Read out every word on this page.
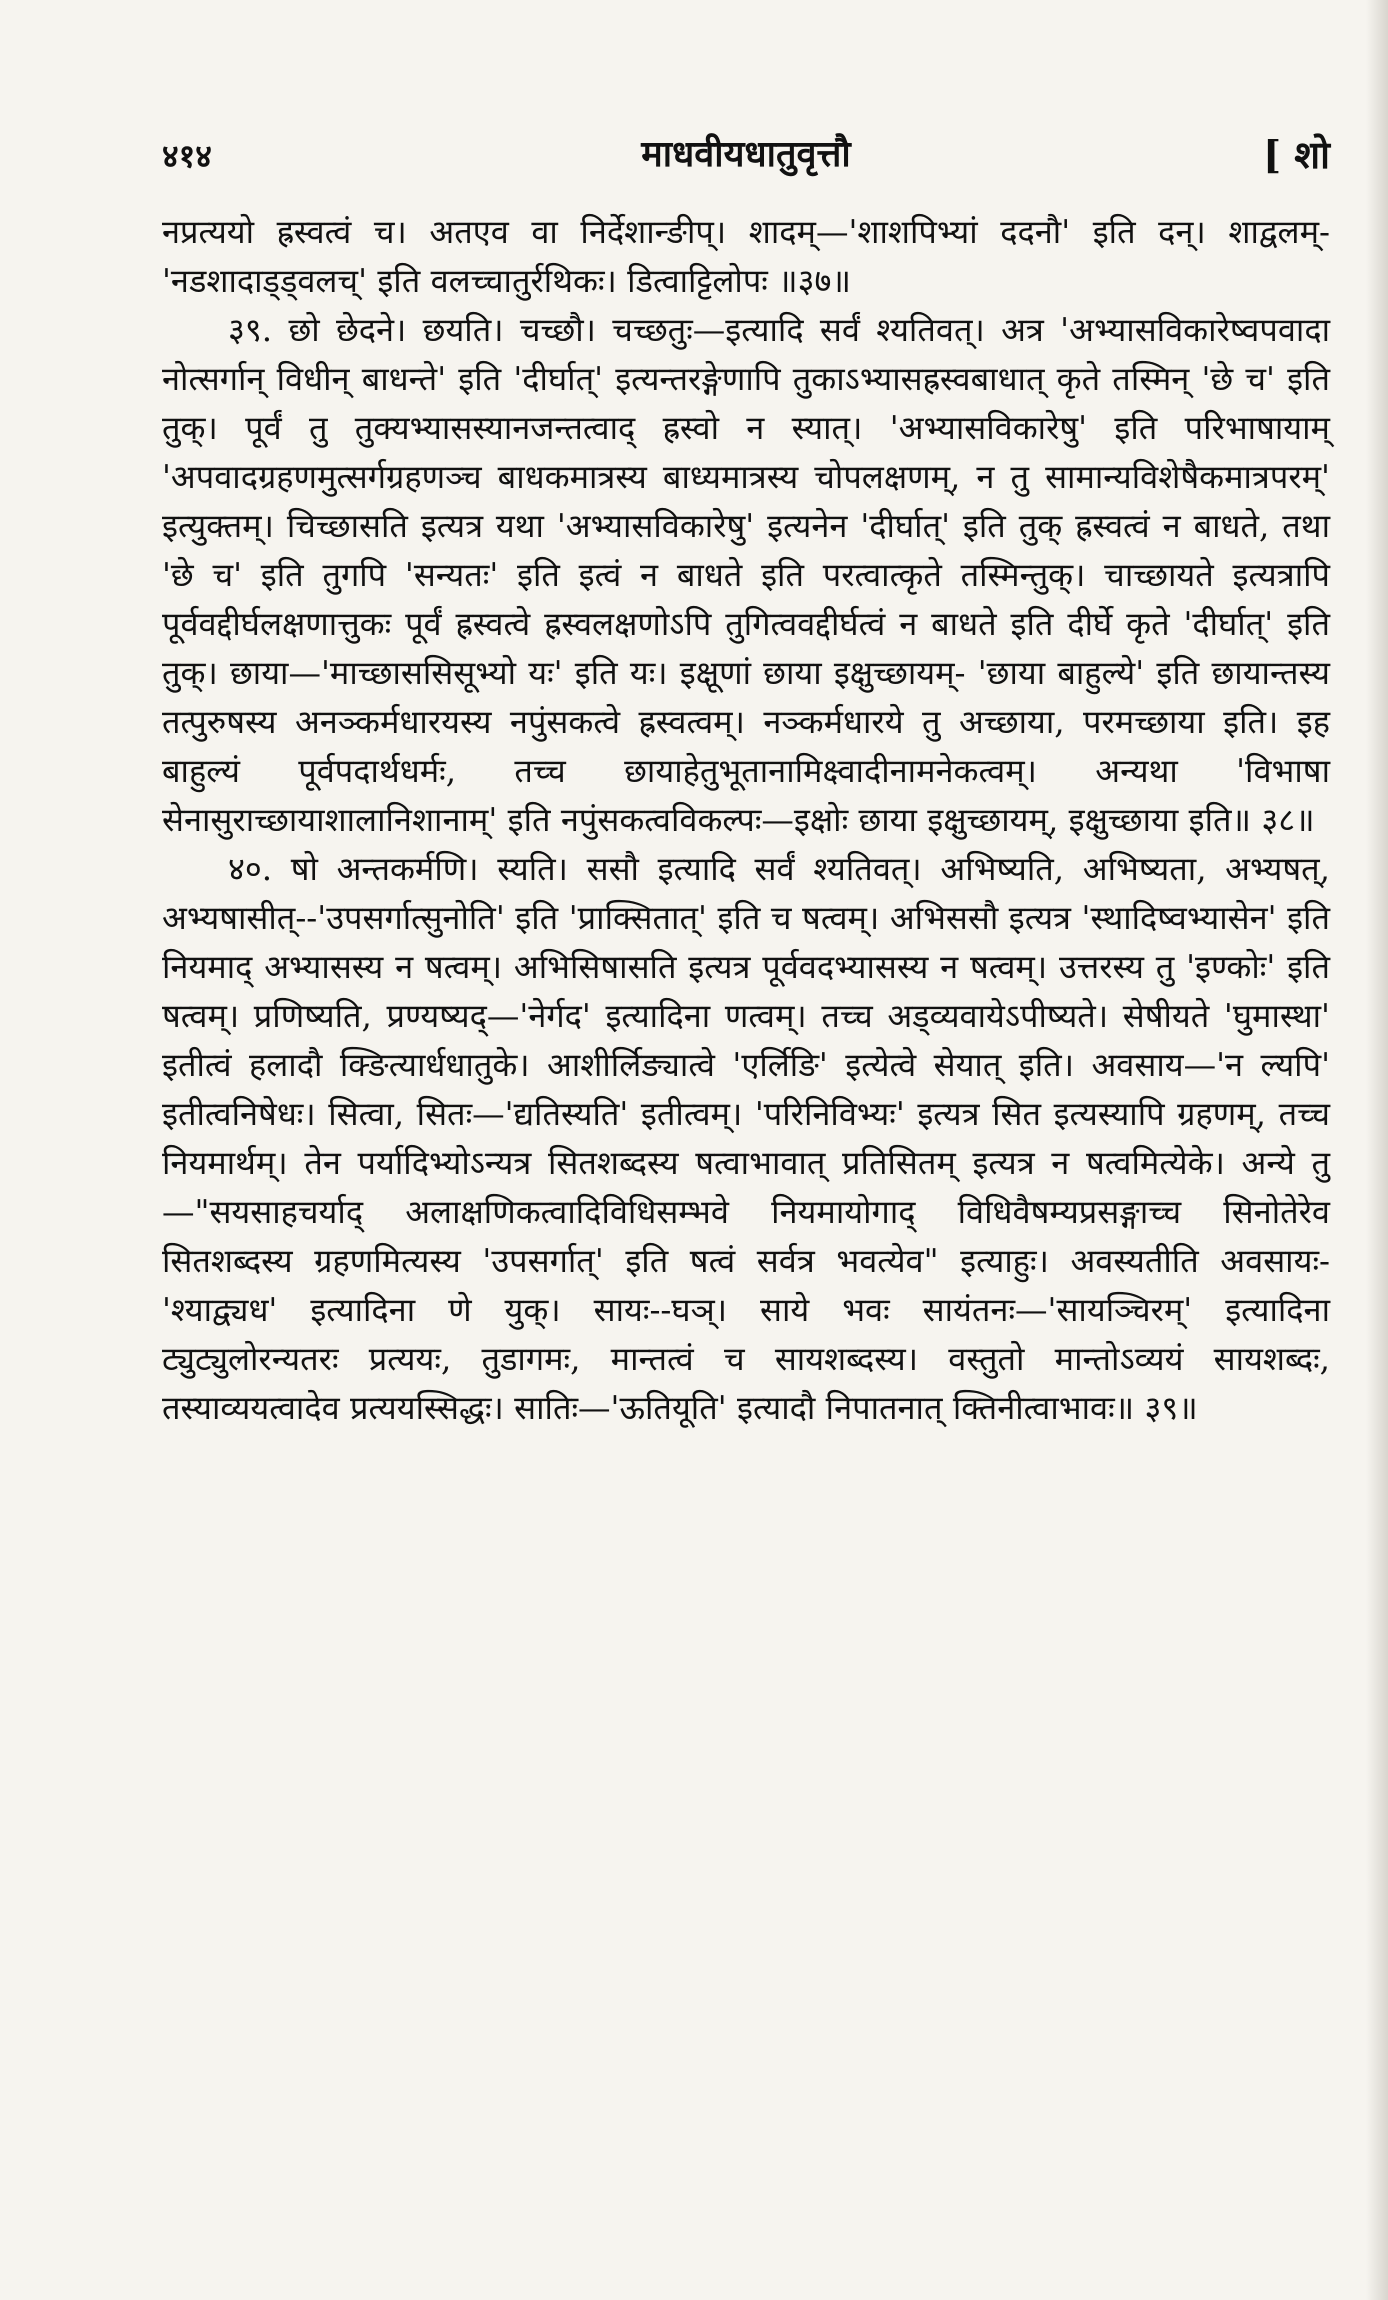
४१४	माधवीयधातुवृत्तौ	[ शो

नप्रत्ययो ह्रस्वत्वं च। अतएव वा निर्देशान्ङीप्। शादम्—'शाशपिभ्यां ददनौ' इति दन्। शाद्वलम्-'नडशादाड्ड्वलच्' इति वलच्चातुर्रथिकः। डित्वाट्टिलोपः ॥३७॥

३९. छो छेदने। छयति। चच्छौ। चच्छतुः—इत्यादि सर्वं श्यतिवत्। अत्र 'अभ्यासविकारेष्वपवादा नोत्सर्गान् विधीन् बाधन्ते' इति 'दीर्घात्' इत्यन्तरङ्गेणापि तुकाऽभ्यासह्रस्वबाधात् कृते तस्मिन् 'छे च' इति तुक्। पूर्वं तु तुक्यभ्यासस्यानजन्तत्वाद् ह्रस्वो न स्यात्। 'अभ्यासविकारेषु' इति परिभाषायाम् 'अपवादग्रहणमुत्सर्गग्रहणञ्च बाधकमात्रस्य बाध्यमात्रस्य चोपलक्षणम्, न तु सामान्यविशेषैकमात्रपरम्' इत्युक्तम्। चिच्छासति इत्यत्र यथा 'अभ्यासविकारेषु' इत्यनेन 'दीर्घात्' इति तुक् ह्रस्वत्वं न बाधते, तथा 'छे च' इति तुगपि 'सन्यतः' इति इत्वं न बाधते इति परत्वात्कृते तस्मिन्तुक्। चाच्छायते इत्यत्रापि पूर्ववद्दीर्घलक्षणात्तुकः पूर्वं ह्रस्वत्वे ह्रस्वलक्षणोऽपि तुगित्ववद्दीर्घत्वं न बाधते इति दीर्घे कृते 'दीर्घात्' इति तुक्। छाया—'माच्छाससिसूभ्यो यः' इति यः। इक्षूणां छाया इक्षुच्छायम्- 'छाया बाहुल्ये' इति छायान्तस्य तत्पुरुषस्य अनञ्कर्मधारयस्य नपुंसकत्वे ह्रस्वत्वम्। नञ्कर्मधारये तु अच्छाया, परमच्छाया इति। इह बाहुल्यं पूर्वपदार्थधर्मः, तच्च छायाहेतुभूतानामिक्ष्वादीनामनेकत्वम्। अन्यथा 'विभाषा सेनासुराच्छायाशालानिशानाम्' इति नपुंसकत्वविकल्पः—इक्षोः छाया इक्षुच्छायम्, इक्षुच्छाया इति॥ ३८॥

४०. षो अन्तकर्मणि। स्यति। ससौ इत्यादि सर्वं श्यतिवत्। अभिष्यति, अभिष्यता, अभ्यषत्, अभ्यषासीत्--'उपसर्गात्सुनोति' इति 'प्राक्सितात्' इति च षत्वम्। अभिससौ इत्यत्र 'स्थादिष्वभ्यासेन' इति नियमाद् अभ्यासस्य न षत्वम्। अभिसिषासति इत्यत्र पूर्ववदभ्यासस्य न षत्वम्। उत्तरस्य तु 'इण्कोः' इति षत्वम्। प्रणिष्यति, प्रण्यष्यद्—'नेर्गद' इत्यादिना णत्वम्। तच्च अड्व्यवायेऽपीष्यते। सेषीयते 'घुमास्था' इतीत्वं हलादौ क्ङित्यार्धधातुके। आशीर्लिङ्यात्वे 'एर्लिङि' इत्येत्वे सेयात् इति। अवसाय—'न ल्यपि' इतीत्वनिषेधः। सित्वा, सितः—'द्यतिस्यति' इतीत्वम्। 'परिनिविभ्यः' इत्यत्र सित इत्यस्यापि ग्रहणम्, तच्च नियमार्थम्। तेन पर्यादिभ्योऽन्यत्र सितशब्दस्य षत्वाभावात् प्रतिसितम् इत्यत्र न षत्वमित्येके। अन्ये तु—"सयसाहचर्याद् अलाक्षणिकत्वादिविधिसम्भवे नियमायोगाद् विधिवैषम्यप्रसङ्गाच्च सिनोतेरेव सितशब्दस्य ग्रहणमित्यस्य 'उपसर्गात्' इति षत्वं सर्वत्र भवत्येव" इत्याहुः। अवस्यतीति अवसायः-'श्याद्व्यध' इत्यादिना णे युक्। सायः--घञ्। साये भवः सायंतनः—'सायञ्चिरम्' इत्यादिना ट्युट्युलोरन्यतरः प्रत्ययः, तुडागमः, मान्तत्वं च सायशब्दस्य। वस्तुतो मान्तोऽव्ययं सायशब्दः, तस्याव्ययत्वादेव प्रत्ययस्सिद्धः। सातिः—'ऊतियूति' इत्यादौ निपातनात् क्तिनीत्वाभावः॥ ३९॥
